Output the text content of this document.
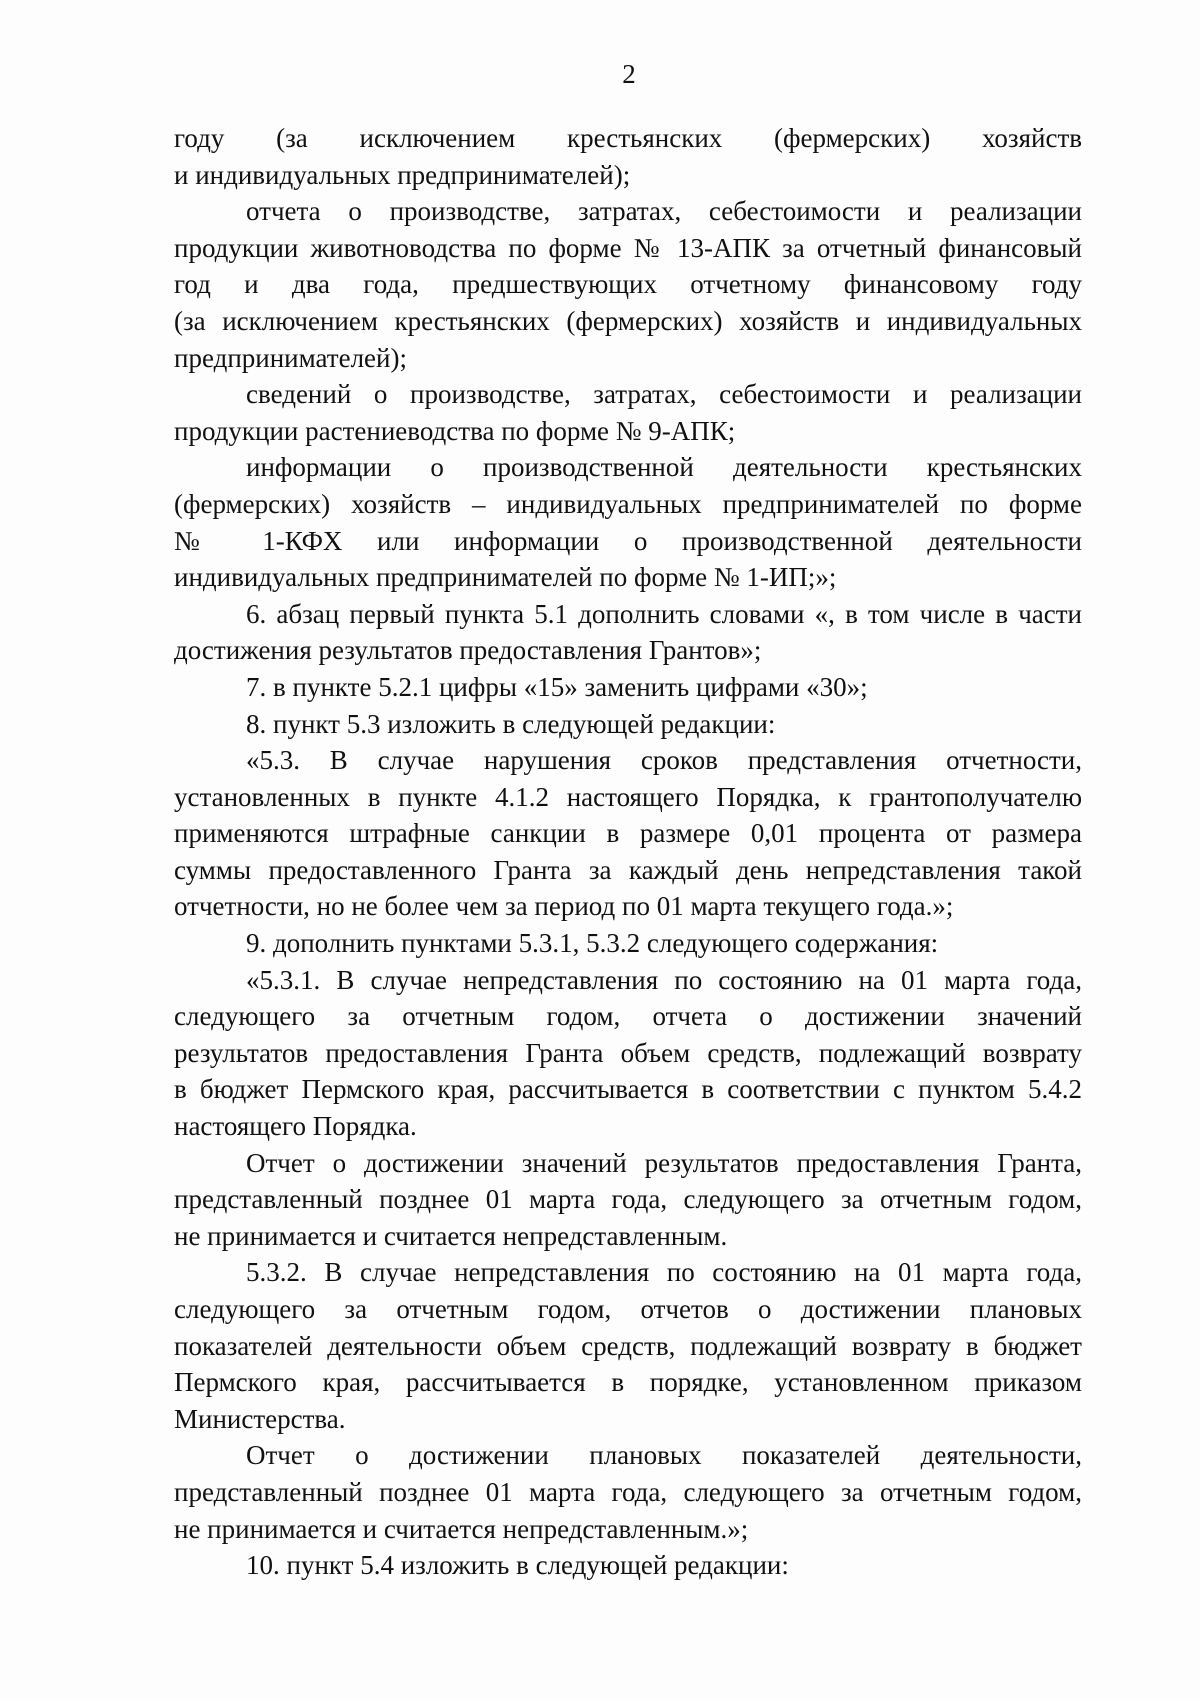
2
году (за исключением крестьянских (фермерских) хозяйств
и индивидуальных предпринимателей);
отчета о производстве, затратах, себестоимости и реализации
продукции животноводства по форме № 13-АПК за отчетный финансовый
год и два года, предшествующих отчетному финансовому году
(за исключением крестьянских (фермерских) хозяйств и индивидуальных
предпринимателей);
сведений о производстве, затратах, себестоимости и реализации
продукции растениеводства по форме № 9-АПК;
информации о производственной деятельности крестьянских
(фермерских) хозяйств – индивидуальных предпринимателей по форме
№ 1-КФХ или информации о производственной деятельности
индивидуальных предпринимателей по форме № 1-ИП;»;
6. абзац первый пункта 5.1 дополнить словами «, в том числе в части
достижения результатов предоставления Грантов»;
7. в пункте 5.2.1 цифры «15» заменить цифрами «30»;
8. пункт 5.3 изложить в следующей редакции:
«5.3. В случае нарушения сроков представления отчетности,
установленных в пункте 4.1.2 настоящего Порядка, к грантополучателю
применяются штрафные санкции в размере 0,01 процента от размера
суммы предоставленного Гранта за каждый день непредставления такой
отчетности, но не более чем за период по 01 марта текущего года.»;
9. дополнить пунктами 5.3.1, 5.3.2 следующего содержания:
«5.3.1. В случае непредставления по состоянию на 01 марта года,
следующего за отчетным годом, отчета о достижении значений
результатов предоставления Гранта объем средств, подлежащий возврату
в бюджет Пермского края, рассчитывается в соответствии с пунктом 5.4.2
настоящего Порядка.
Отчет о достижении значений результатов предоставления Гранта,
представленный позднее 01 марта года, следующего за отчетным годом,
не принимается и считается непредставленным.
5.3.2. В случае непредставления по состоянию на 01 марта года,
следующего за отчетным годом, отчетов о достижении плановых
показателей деятельности объем средств, подлежащий возврату в бюджет
Пермского края, рассчитывается в порядке, установленном приказом
Министерства.
Отчет о достижении плановых показателей деятельности,
представленный позднее 01 марта года, следующего за отчетным годом,
не принимается и считается непредставленным.»;
10. пункт 5.4 изложить в следующей редакции:
